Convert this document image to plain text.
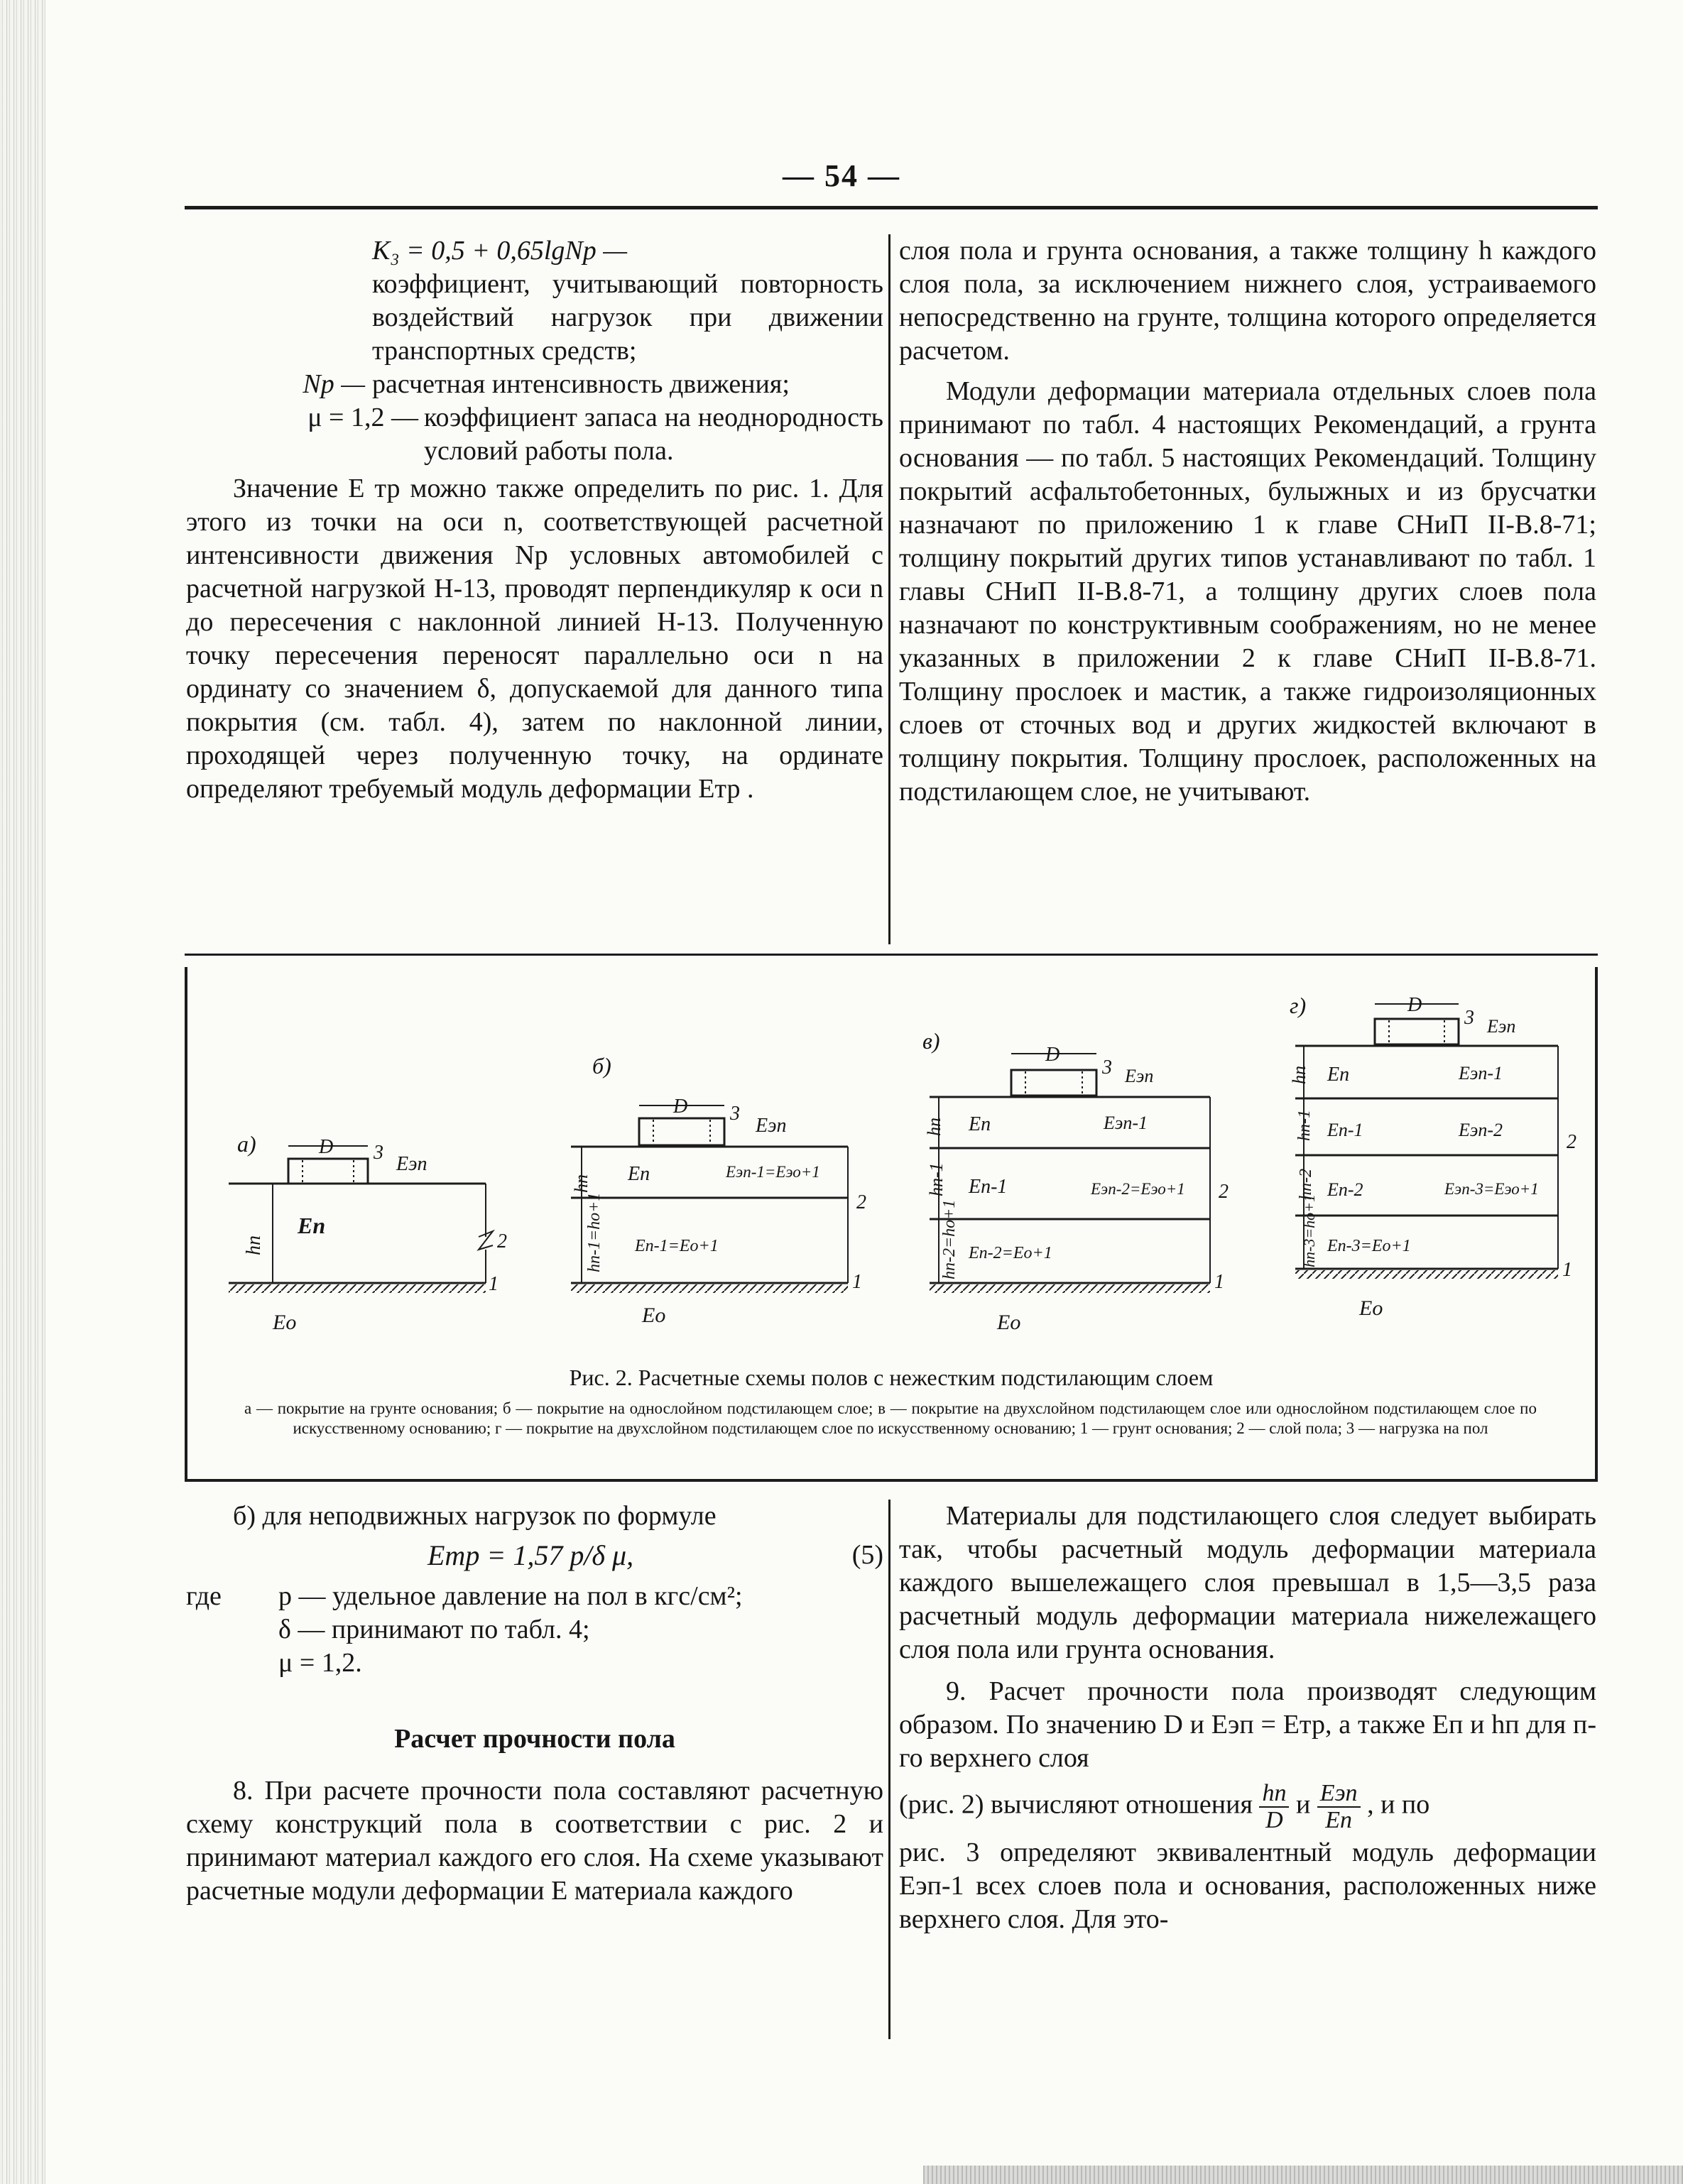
— 54 —
K₃ = 0,5 + 0,65lgNр —
коэффициент, учитывающий повторность воздействий нагрузок при движении транспортных средств;
Nр — расчетная интенсивность движения;
μ = 1,2 — коэффициент запаса на неоднородность условий работы пола.

Значение E тр можно также определить по рис. 1. Для этого из точки на оси n, соответствующей расчетной интенсивности движения Nр условных автомобилей с расчетной нагрузкой Н-13, проводят перпендикуляр к оси n до пересечения с наклонной линией Н-13. Полученную точку пересечения переносят параллельно оси n на ординату со значением δ, допускаемой для данного типа покрытия (см. табл. 4), затем по наклонной линии, проходящей через полученную точку, на ординате определяют требуемый модуль деформации Eтр .

слоя пола и грунта основания, а также толщину h каждого слоя пола, за исключением нижнего слоя, устраиваемого непосредственно на грунте, толщина которого определяется расчетом.

Модули деформации материала отдельных слоев пола принимают по табл. 4 настоящих Рекомендаций, а грунта основания — по табл. 5 настоящих Рекомендаций. Толщину покрытий асфальтобетонных, булыжных и из брусчатки назначают по приложению 1 к главе СНиП II-В.8-71; толщину покрытий других типов устанавливают по табл. 1 главы СНиП II-В.8-71, а толщину других слоев пола назначают по конструктивным соображениям, но не менее указанных в приложении 2 к главе СНиП II-В.8-71. Толщину прослоек и мастик, а также гидроизоляционных слоев от сточных вод и других жидкостей включают в толщину покрытия. Толщину прослоек, расположенных на подстилающем слое, не учитывают.

а)	D 3
Eэп
hп
Eп
2
1
Eо
б)
D 3
Eэп
hп
hп-1=hо+1
Eп	Eэп-1=Eэо+1
Eп-1=Eо+1
2
1
Eо
в)
D
3 Eэп
hп
hп-1
hп-2=hо+1
Eп	Eэп-1
Eп-1	Eэп-2=Eэо+1
Eп-2=Eо+1
2
1
Eо
г)	D
3 Eэп
hп
hп-1
hп-2
hп-3=hо+1
Eп	Eэп-1
Eп-1	Eэп-2
Eп-2	Eэп-3=Eэо+1
Eп-3=Eо+1
2
1
Eо
Рис. 2. Расчетные схемы полов с нежестким подстилающим слоем
а — покрытие на грунте основания; б — покрытие на однослойном подстилающем слое; в — покрытие на двухслойном подстилающем слое или однослойном подстилающем слое по искусственному основанию; г — покрытие на двухслойном подстилающем слое по искусственному основанию; 1 — грунт основания; 2 — слой пола; 3 — нагрузка на пол

б) для неподвижных нагрузок по формуле

Eтр = 1,57 p/δ μ,	(5)
где	p — удельное давление на пол в кгс/см²;
δ — принимают по табл. 4;
μ = 1,2.
Расчет прочности пола

8. При расчете прочности пола составляют расчетную схему конструкций пола в соответствии с рис. 2 и принимают материал каждого его слоя. На схеме указывают расчетные модули деформации E материала каждого

Материалы для подстилающего слоя следует выбирать так, чтобы расчетный модуль деформации материала каждого вышележащего слоя превышал в 1,5—3,5 раза расчетный модуль деформации материала нижележащего слоя пола или грунта основания.

9. Расчет прочности пола производят следующим образом. По значению D и Eэп = Eтр, а также Eп и hп для п-го верхнего слоя

(рис. 2) вычисляют отношения $\frac{hп}{D}$ и $\frac{\text{Eэп}}{Eп}$ , и по

рис. 3 определяют эквивалентный модуль деформации Eэп-1 всех слоев пола и основания, расположенных ниже верхнего слоя. Для это-
